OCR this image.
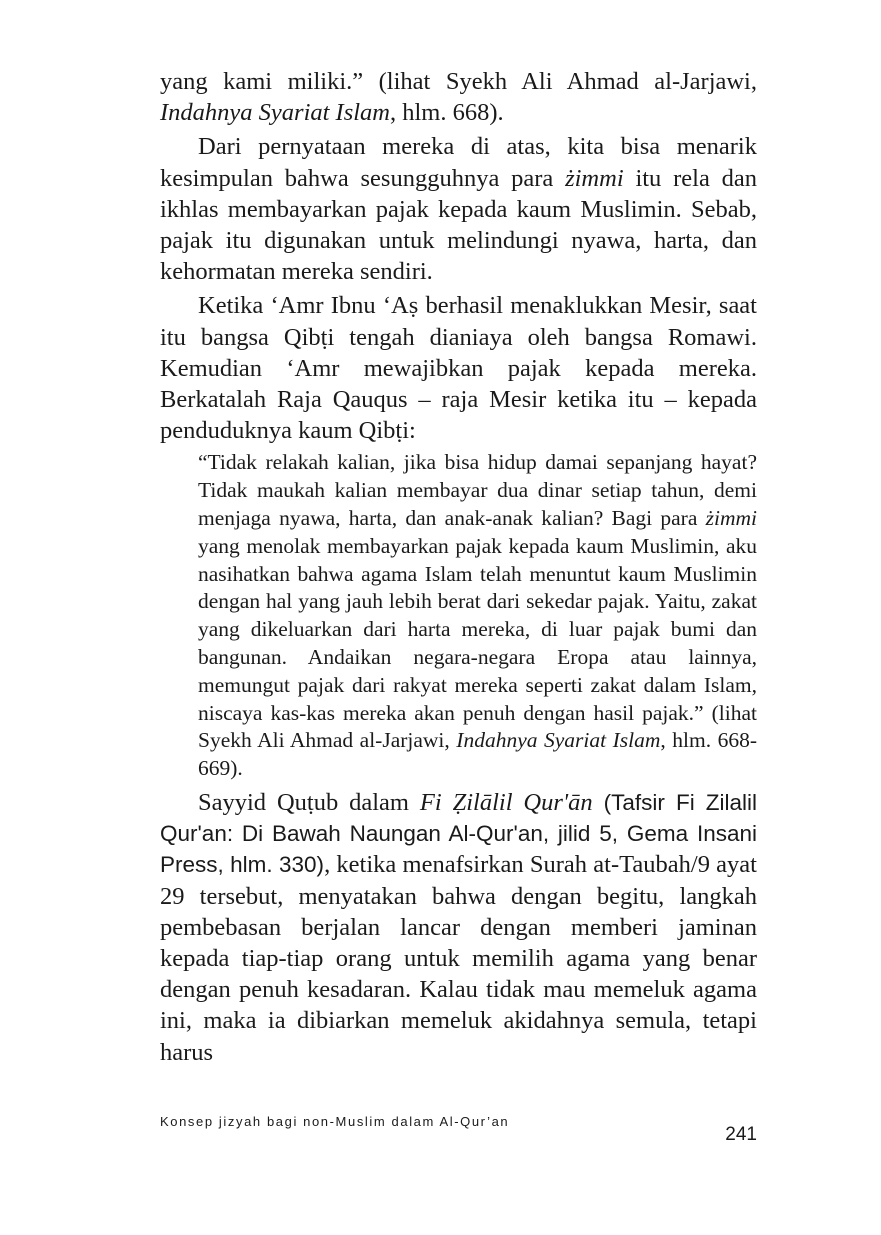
yang kami miliki.” (lihat Syekh Ali Ahmad al-Jarjawi, Indahnya Syariat Islam, hlm. 668).

Dari pernyataan mereka di atas, kita bisa menarik kesimpulan bahwa sesungguhnya para żimmi itu rela dan ikhlas membayarkan pajak kepada kaum Muslimin. Sebab, pajak itu digunakan untuk melindungi nyawa, harta, dan kehormatan mereka sendiri.

Ketika ‘Amr Ibnu ‘Aṣ berhasil menaklukkan Mesir, saat itu bangsa Qibṭi tengah dianiaya oleh bangsa Romawi. Kemudian ‘Amr mewajibkan pajak kepada mereka. Berkatalah Raja Qauqus – raja Mesir ketika itu – kepada penduduknya kaum Qibṭi:

“Tidak relakah kalian, jika bisa hidup damai sepanjang hayat? Tidak maukah kalian membayar dua dinar setiap tahun, demi menjaga nyawa, harta, dan anak-anak kalian? Bagi para żimmi yang menolak membayarkan pajak kepada kaum Muslimin, aku nasihatkan bahwa agama Islam telah menuntut kaum Muslimin dengan hal yang jauh lebih berat dari sekedar pajak. Yaitu, zakat yang dikeluarkan dari harta mereka, di luar pajak bumi dan bangunan. Andaikan negara-negara Eropa atau lainnya, memungut pajak dari rakyat mereka seperti zakat dalam Islam, niscaya kas-kas mereka akan penuh dengan hasil pajak.” (lihat Syekh Ali Ahmad al-Jarjawi, Indahnya Syariat Islam, hlm. 668-669).

Sayyid Quṭub dalam Fi Ẓilālil Qur'ān (Tafsir Fi Zilalil Qur'an: Di Bawah Naungan Al-Qur'an, jilid 5, Gema Insani Press, hlm. 330), ketika menafsirkan Surah at-Taubah/9 ayat 29 tersebut, menyatakan bahwa dengan begitu, langkah pembebasan berjalan lancar dengan memberi jaminan kepada tiap-tiap orang untuk memilih agama yang benar dengan penuh kesadaran. Kalau tidak mau memeluk agama ini, maka ia dibiarkan memeluk akidahnya semula, tetapi harus

Konsep jizyah bagi non-Muslim dalam Al-Qur’an
241
